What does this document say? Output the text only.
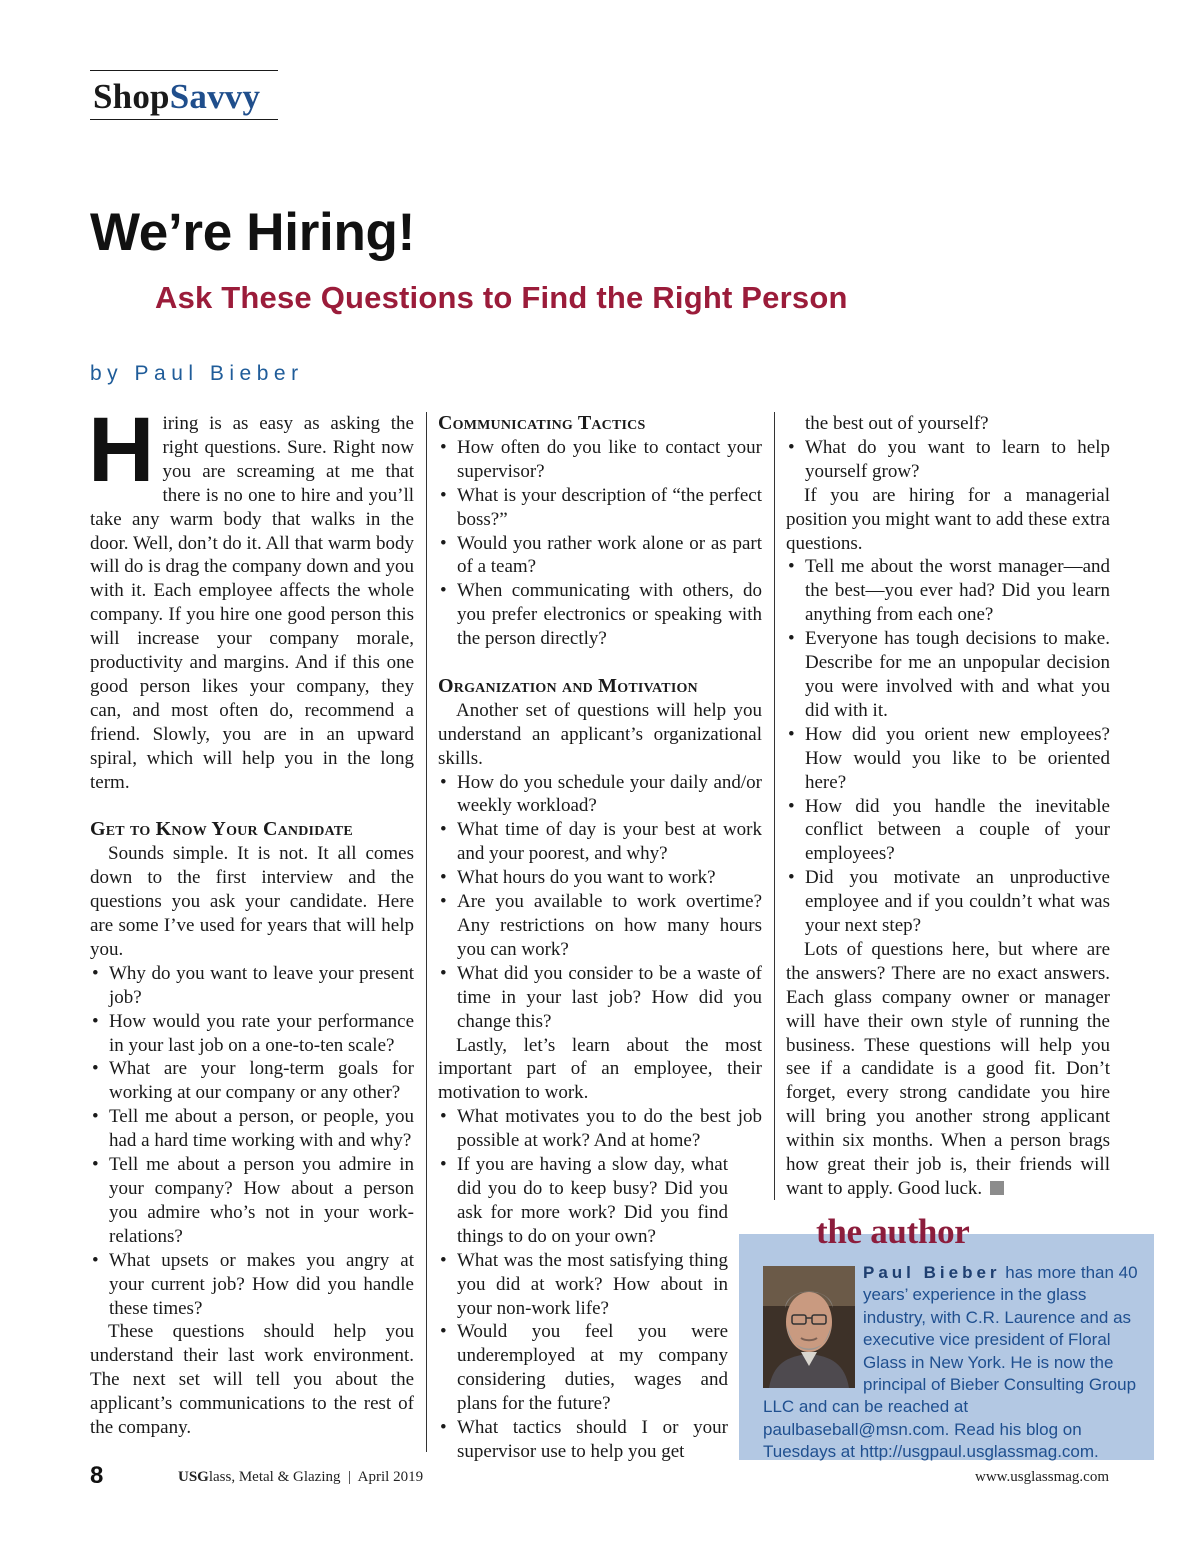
ShopSavvy
We’re Hiring!
Ask These Questions to Find the Right Person
by Paul Bieber

Hiring is as easy as asking the right questions. Sure. Right now you are screaming at me that there is no one to hire and you’ll take any warm body that walks in the door. Well, don’t do it. All that warm body will do is drag the company down and you with it. Each employee affects the whole company. If you hire one good person this will increase your company morale, productivity and margins. And if this one good person likes your company, they can, and most often do, recommend a friend. Slowly, you are in an upward spiral, which will help you in the long term.

Get to Know Your Candidate

Sounds simple. It is not. It all comes down to the first interview and the questions you ask your candidate. Here are some I’ve used for years that will help you.

• Why do you want to leave your present job?
• How would you rate your performance in your last job on a one-to-ten scale?
• What are your long-term goals for working at our company or any other?
• Tell me about a person, or people, you had a hard time working with and why?
• Tell me about a person you admire in your company? How about a person you admire who’s not in your work-relations?
• What upsets or makes you angry at your current job? How did you handle these times?

These questions should help you understand their last work environment. The next set will tell you about the applicant’s communications to the rest of the company.

Communicating Tactics
• How often do you like to contact your supervisor?
• What is your description of “the perfect boss?”
• Would you rather work alone or as part of a team?
• When communicating with others, do you prefer electronics or speaking with the person directly?
Organization and Motivation

Another set of questions will help you understand an applicant’s organizational skills.

• How do you schedule your daily and/or weekly workload?
• What time of day is your best at work and your poorest, and why?
• What hours do you want to work?
• Are you available to work overtime? Any restrictions on how many hours you can work?
• What did you consider to be a waste of time in your last job? How did you change this?

Lastly, let’s learn about the most important part of an employee, their motivation to work.

• What motivates you to do the best job possible at work? And at home?
• If you are having a slow day, what did you do to keep busy? Did you ask for more work? Did you find things to do on your own?
• What was the most satisfying thing you did at work? How about in your non-work life?
• Would you feel you were underemployed at my company considering duties, wages and plans for the future?
• What tactics should I or your supervisor use to help you get

the best out of yourself?

• What do you want to learn to help yourself grow?

If you are hiring for a managerial position you might want to add these extra questions.

• Tell me about the worst manager—and the best—you ever had? Did you learn anything from each one?
• Everyone has tough decisions to make. Describe for me an unpopular decision you were involved with and what you did with it.
• How did you orient new employees? How would you like to be oriented here?
• How did you handle the inevitable conflict between a couple of your employees?
• Did you motivate an unproductive employee and if you couldn’t what was your next step?

Lots of questions here, but where are the answers? There are no exact answers. Each glass company owner or manager will have their own style of running the business. These questions will help you see if a candidate is a good fit. Don’t forget, every strong candidate you hire will bring you another strong applicant within six months. When a person brags how great their job is, their friends will want to apply. Good luck.

the author
Paul Bieber has more than 40 years’ experience in the glass industry, with C.R. Laurence and as executive vice president of Floral Glass in New York. He is now the principal of Bieber Consulting Group LLC and can be reached at paulbaseball@msn.com. Read his blog on Tuesdays at http://usgpaul.usglassmag.com.
8	USGlass, Metal & Glazing  |  April 2019	www.usglassmag.com
